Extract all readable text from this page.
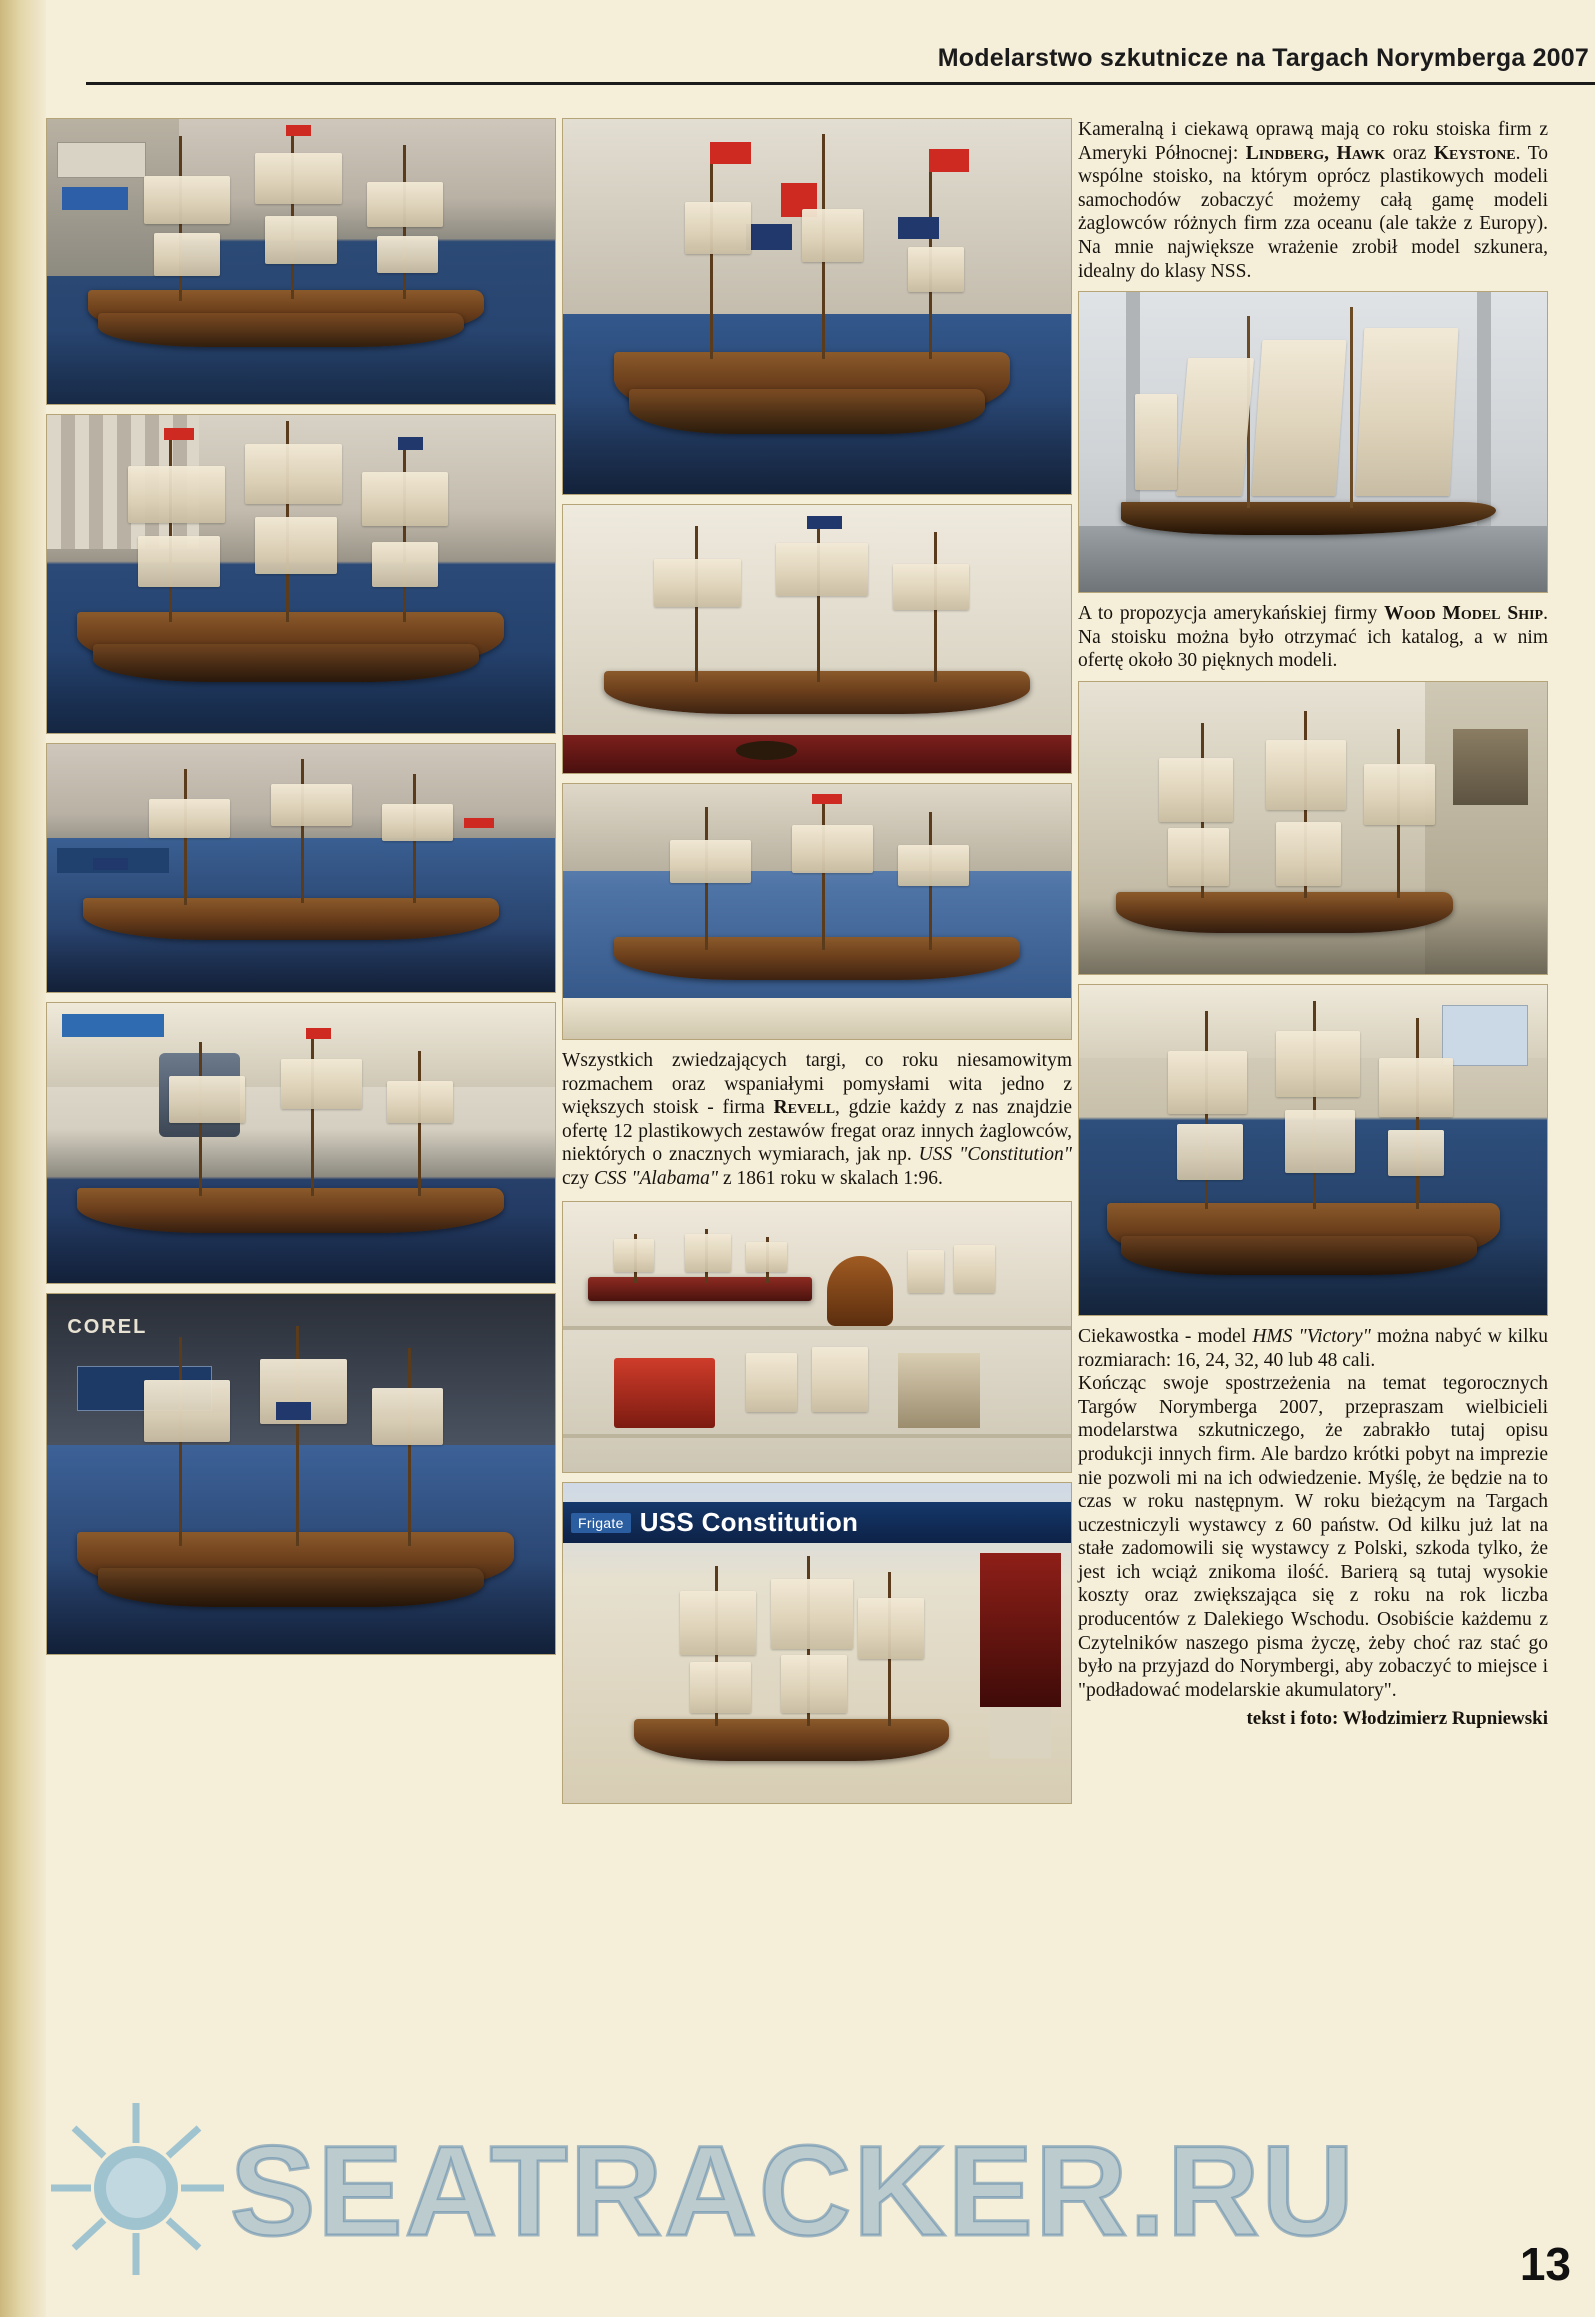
Modelarstwo szkutnicze na Targach Norymberga 2007
COREL

Wszystkich zwiedzających targi, co roku niesamowitym rozmachem oraz wspaniałymi pomysłami wita jedno z większych stoisk - firma Revell, gdzie każdy z nas znajdzie ofertę 12 plastikowych zestawów fregat oraz innych żaglowców, niektórych o znacznych wymiarach, jak np. USS "Constitution" czy CSS "Alabama" z 1861 roku w skalach 1:96.

Frigate USS Constitution

Kameralną i ciekawą oprawą mają co roku stoiska firm z Ameryki Północnej: Lindberg, Hawk oraz Keystone. To wspólne stoisko, na którym oprócz plastikowych modeli samochodów zobaczyć możemy całą gamę modeli żaglowców różnych firm zza oceanu (ale także z Europy). Na mnie największe wrażenie zrobił model szkunera, idealny do klasy NSS.

A to propozycja amerykańskiej firmy Wood Model Ship. Na stoisku można było otrzymać ich katalog, a w nim ofertę około 30 pięknych modeli.

Ciekawostka - model HMS "Victory" można nabyć w kilku rozmiarach: 16, 24, 32, 40 lub 48 cali.

Kończąc swoje spostrzeżenia na temat tegorocznych Targów Norymberga 2007, przepraszam wielbicieli modelarstwa szkutniczego, że zabrakło tutaj opisu produkcji innych firm. Ale bardzo krótki pobyt na imprezie nie pozwoli mi na ich odwiedzenie. Myślę, że będzie na to czas w roku następnym. W roku bieżącym na Targach uczestniczyli wystawcy z 60 państw. Od kilku już lat na stałe zadomowili się wystawcy z Polski, szkoda tylko, że jest ich wciąż znikoma ilość. Barierą są tutaj wysokie koszty oraz zwiększająca się z roku na rok liczba producentów z Dalekiego Wschodu. Osobiście każdemu z Czytelników naszego pisma życzę, żeby choć raz stać go było na przyjazd do Norymbergi, aby zobaczyć to miejsce i "podładować modelarskie akumulatory".

tekst i foto: Włodzimierz Rupniewski
SEATRACKER.RU
13
